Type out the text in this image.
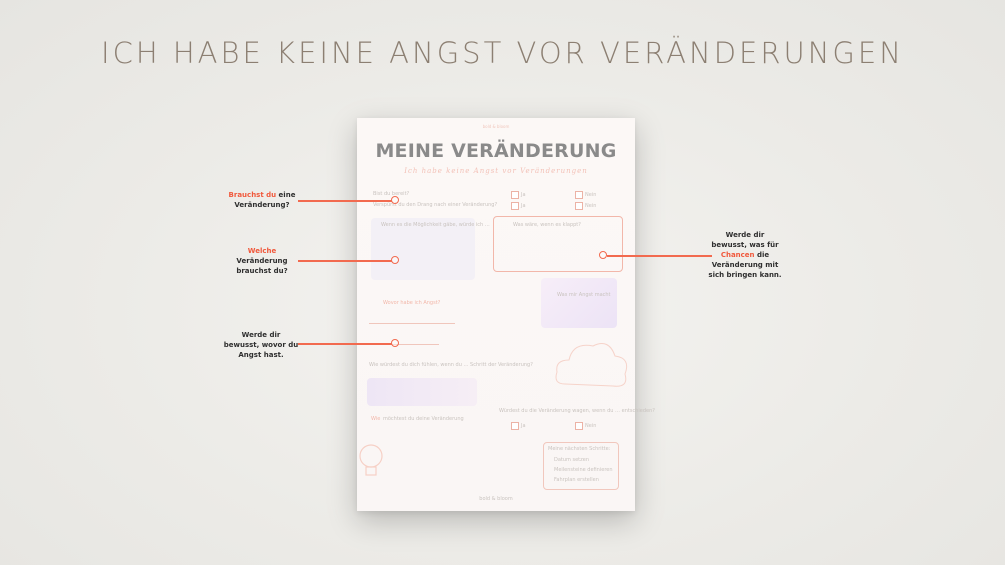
ICH HABE KEINE ANGST VOR VERÄNDERUNGEN
bold & bloom
MEINE VERÄNDERUNG
Ich habe keine Angst vor Veränderungen
Bist du bereit?
Verspürst du den Drang nach einer Veränderung?
Ja	Nein
Ja	Nein
Wenn es die Möglichkeit gäbe, würde ich …	Was wäre, wenn es klappt?
Wovor habe ich Angst?
Was mir Angst macht
Wie würdest du dich fühlen, wenn du … Schritt der Veränderung?
Wie möchtest du deine Veränderung
Würdest du die Veränderung wagen, wenn du … entschieden?
Ja	Nein
Meine nächsten Schritte:
Datum setzen
Meilensteine definieren
Fahrplan erstellen
bold & bloom
Brauchst du eine
Veränderung?
Welche
Veränderung
brauchst du?
Werde dir
bewusst, wovor du
Angst hast.
Werde dir
bewusst, was für
Chancen die
Veränderung mit
sich bringen kann.
